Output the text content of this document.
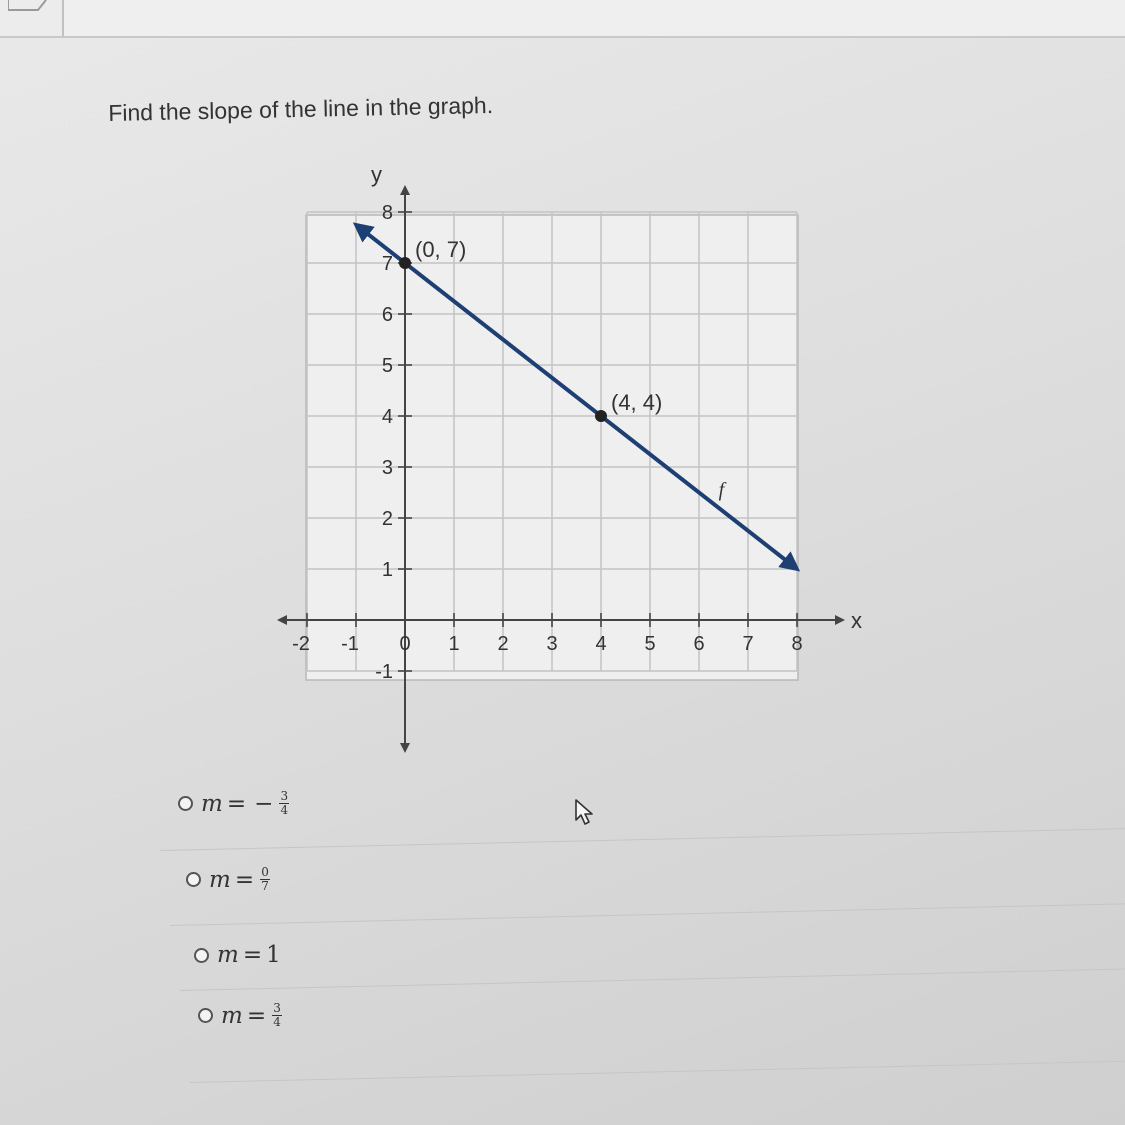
Find the slope of the line in the graph.
-2 -1 0 1 2 3 4 5 6 7 8
-1
1
2
3
4
5
6
7
8
x
y
f
(0, 7)
(4, 4)
m = − $\frac{3}{4}$
$m = \frac{0}{7}$
m = 1
$m = \frac{3}{4}$
